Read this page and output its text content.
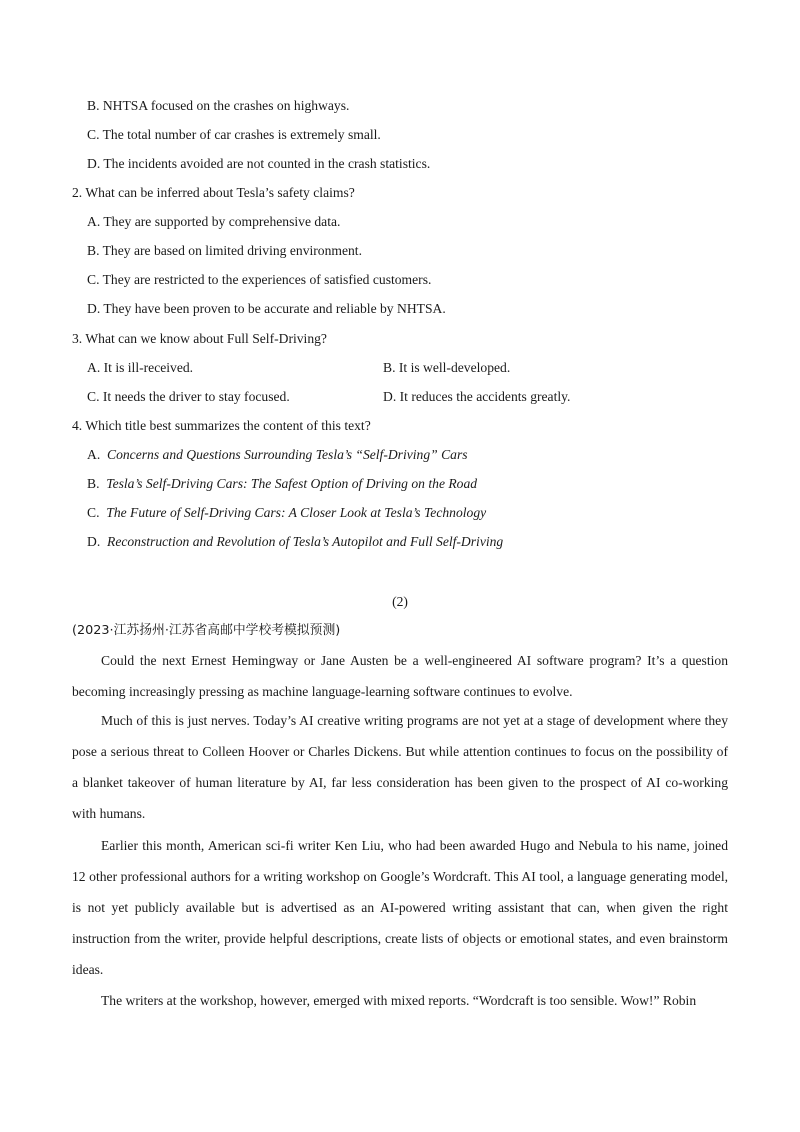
B. NHTSA focused on the crashes on highways.
C. The total number of car crashes is extremely small.
D. The incidents avoided are not counted in the crash statistics.
2. What can be inferred about Tesla’s safety claims?
A. They are supported by comprehensive data.
B. They are based on limited driving environment.
C. They are restricted to the experiences of satisfied customers.
D. They have been proven to be accurate and reliable by NHTSA.
3. What can we know about Full Self-Driving?
A. It is ill-received.	B. It is well-developed.
C. It needs the driver to stay focused.	D. It reduces the accidents greatly.
4. Which title best summarizes the content of this text?
A. Concerns and Questions Surrounding Tesla’s “Self-Driving” Cars
B. Tesla’s Self-Driving Cars: The Safest Option of Driving on the Road
C. The Future of Self-Driving Cars: A Closer Look at Tesla’s Technology
D. Reconstruction and Revolution of Tesla’s Autopilot and Full Self-Driving
(2)
(2023·江苏扬州·江苏省高邮中学校考模拟预测)

Could the next Ernest Hemingway or Jane Austen be a well-engineered AI software program? It’s a question becoming increasingly pressing as machine language-learning software continues to evolve.

Much of this is just nerves. Today’s AI creative writing programs are not yet at a stage of development where they pose a serious threat to Colleen Hoover or Charles Dickens. But while attention continues to focus on the possibility of a blanket takeover of human literature by AI, far less consideration has been given to the prospect of AI co-working with humans.

Earlier this month, American sci-fi writer Ken Liu, who had been awarded Hugo and Nebula to his name, joined 12 other professional authors for a writing workshop on Google’s Wordcraft. This AI tool, a language generating model, is not yet publicly available but is advertised as an AI-powered writing assistant that can, when given the right instruction from the writer, provide helpful descriptions, create lists of objects or emotional states, and even brainstorm ideas.

The writers at the workshop, however, emerged with mixed reports. “Wordcraft is too sensible. Wow!” Robin
